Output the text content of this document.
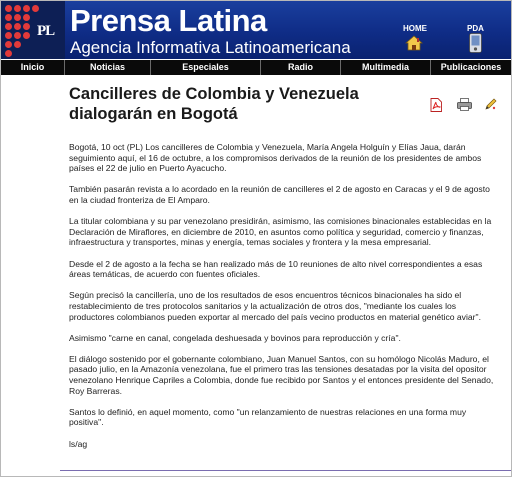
PL Prensa Latina
Agencia Informativa Latinoamericana
HOME	PDA
Inicio	Noticias	Especiales	Radio	Multimedia	Publicaciones
Cancilleres de Colombia y Venezuela dialogarán en Bogotá

Bogotá, 10 oct (PL) Los cancilleres de Colombia y Venezuela, María Angela Holguín y Elías Jaua, darán seguimiento aquí, el 16 de octubre, a los compromisos derivados de la reunión de los presidentes de ambos países el 22 de julio en Puerto Ayacucho.

También pasarán revista a lo acordado en la reunión de cancilleres el 2 de agosto en Caracas y el 9 de agosto en la ciudad fronteriza de El Amparo.

La titular colombiana y su par venezolano presidirán, asimismo, las comisiones binacionales establecidas en la Declaración de Miraflores, en diciembre de 2010, en asuntos como política y seguridad, comercio y finanzas, infraestructura y transportes, minas y energía, temas sociales y frontera y la mesa empresarial.

Desde el 2 de agosto a la fecha se han realizado más de 10 reuniones de alto nivel correspondientes a esas áreas temáticas, de acuerdo con fuentes oficiales.

Según precisó la cancillería, uno de los resultados de esos encuentros técnicos binacionales ha sido el restablecimiento de tres protocolos sanitarios y la actualización de otros dos, "mediante los cuales los productores colombianos pueden exportar al mercado del país vecino productos en material genético aviar".

Asimismo "carne en canal, congelada deshuesada y bovinos para reproducción y cría".

El diálogo sostenido por el gobernante colombiano, Juan Manuel Santos, con su homólogo Nicolás Maduro, el pasado julio, en la Amazonía venezolana, fue el primero tras las tensiones desatadas por la visita del opositor venezolano Henrique Capriles a Colombia, donde fue recibido por Santos y el entonces presidente del Senado, Roy Barreras.

Santos lo definió, en aquel momento, como "un relanzamiento de nuestras relaciones en una forma muy positiva".

ls/ag
